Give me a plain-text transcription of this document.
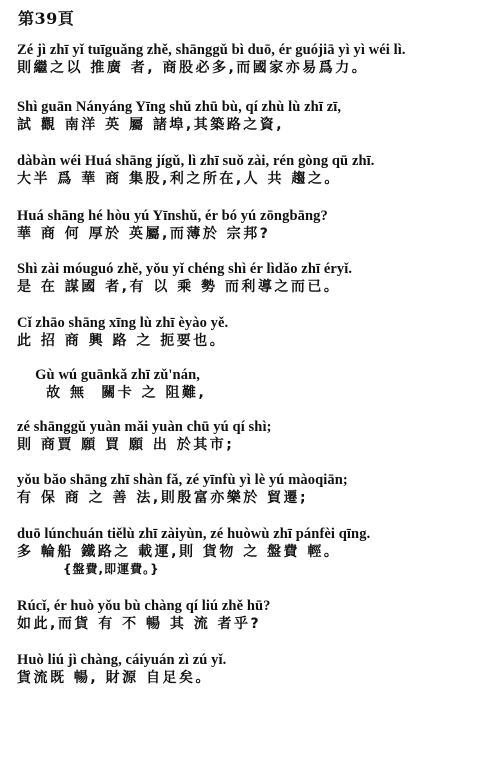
第39頁
Zé jì zhī yǐ tuīguǎng zhě, shānggǔ bì duō, ér guójiā yì yì wéi lì.
則繼之以 推廣 者, 商股必多,而國家亦易爲力。
Shì guān Nányáng Yīng shǔ zhū bù, qí zhù lù zhī zī,
試 觀 南洋 英 屬 諸埠,其築路之資,
dàbàn wéi Huá shāng jígǔ, lì zhī suǒ zài, rén gòng qū zhī.
大半 爲 華 商 集股,利之所在,人 共 趨之。
Huá shāng hé hòu yú Yīnshǔ, ér bó yú zōngbāng?
華 商 何 厚於 英屬,而薄於 宗邦?
Shì zài móuguó zhě, yǒu yǐ chéng shì ér lìdǎo zhī éryǐ.
是 在 謀國 者,有 以 乘 勢 而利導之而已。
Cǐ zhāo shāng xīng lù zhī èyào yě.
此 招 商 興 路 之 扼要也。
Gù wú guānkǎ zhī zǔ'nán,
故 無  關卡 之 阻難,
zé shānggǔ yuàn mǎi yuàn chū yú qí shì;
則 商賈 願 買 願 出 於其市;
yǒu bǎo shāng zhī shàn fǎ, zé yīnfù yì lè yú màoqiān;
有 保 商 之 善 法,則殷富亦樂於 貿遷;
duō lúnchuán tiělù zhī zàiyùn, zé huòwù zhī pánfèi qīng.
多 輪船 鐵路之 載運,則 貨物 之 盤費 輕。
{盤費,即運費。}
Rúcǐ, ér huò yǒu bù chàng qí liú zhě hū?
如此,而貨 有 不 暢 其 流 者乎?
Huò liú jì chàng, cáiyuán zì zú yǐ.
貨流既 暢, 財源 自足矣。
